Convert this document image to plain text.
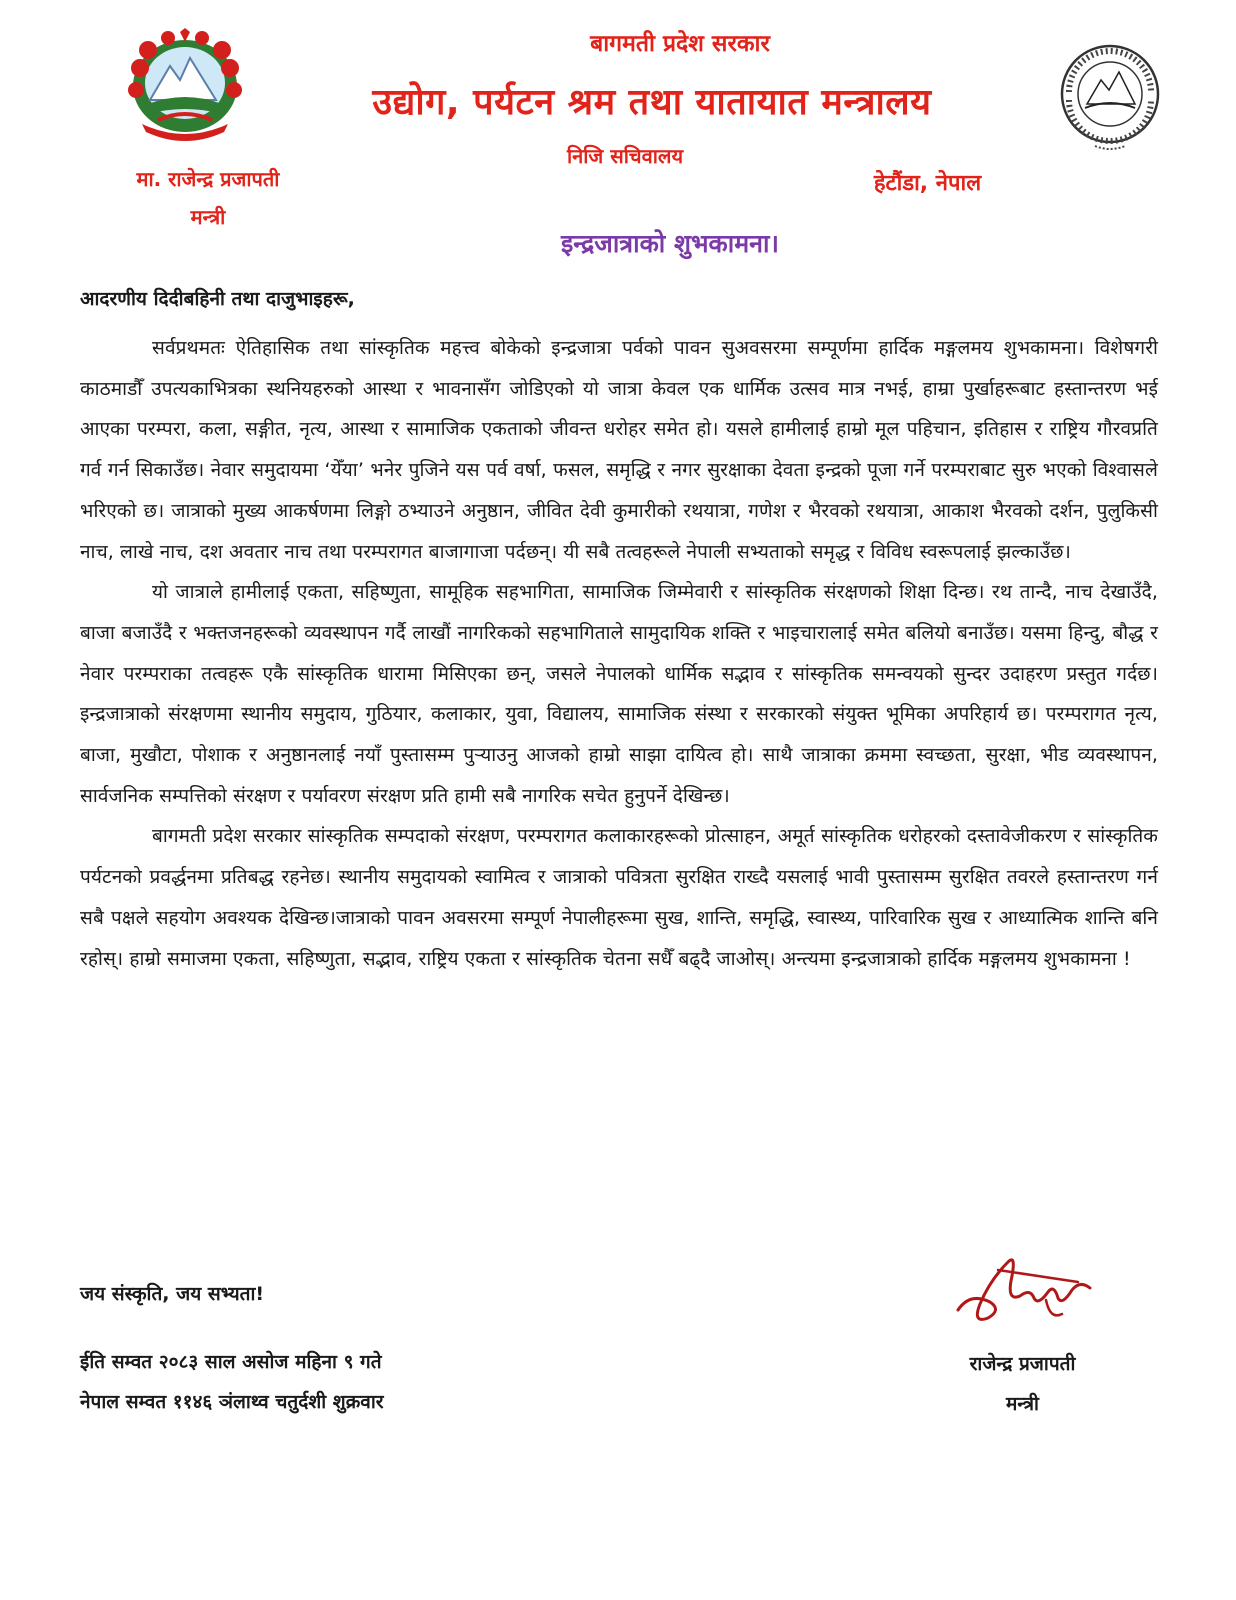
बागमती प्रदेश सरकार
उद्योग, पर्यटन श्रम तथा यातायात मन्त्रालय
निजि सचिवालय
मा. राजेन्द्र प्रजापती
मन्त्री
हेटौंडा, नेपाल
इन्द्रजात्राको शुभकामना।
आदरणीय दिदीबहिनी तथा दाजुभाइहरू,

सर्वप्रथमतः ऐतिहासिक तथा सांस्कृतिक महत्त्व बोकेको इन्द्रजात्रा पर्वको पावन सुअवसरमा सम्पूर्णमा हार्दिक मङ्गलमय शुभकामना। विशेषगरी काठमाडौँ उपत्यकाभित्रका स्थनियहरुको आस्था र भावनासँग जोडिएको यो जात्रा केवल एक धार्मिक उत्सव मात्र नभई, हाम्रा पुर्खाहरूबाट हस्तान्तरण भई आएका परम्परा, कला, सङ्गीत, नृत्य, आस्था र सामाजिक एकताको जीवन्त धरोहर समेत हो। यसले हामीलाई हाम्रो मूल पहिचान, इतिहास र राष्ट्रिय गौरवप्रति गर्व गर्न सिकाउँछ। नेवार समुदायमा ‘येँया’ भनेर पुजिने यस पर्व वर्षा, फसल, समृद्धि र नगर सुरक्षाका देवता इन्द्रको पूजा गर्ने परम्पराबाट सुरु भएको विश्वासले भरिएको छ। जात्राको मुख्य आकर्षणमा लिङ्गो ठभ्याउने अनुष्ठान, जीवित देवी कुमारीको रथयात्रा, गणेश र भैरवको रथयात्रा, आकाश भैरवको दर्शन, पुलुकिसी नाच, लाखे नाच, दश अवतार नाच तथा परम्परागत बाजागाजा पर्दछन्। यी सबै तत्वहरूले नेपाली सभ्यताको समृद्ध र विविध स्वरूपलाई झल्काउँछ।

यो जात्राले हामीलाई एकता, सहिष्णुता, सामूहिक सहभागिता, सामाजिक जिम्मेवारी र सांस्कृतिक संरक्षणको शिक्षा दिन्छ। रथ तान्दै, नाच देखाउँदै, बाजा बजाउँदै र भक्तजनहरूको व्यवस्थापन गर्दै लाखौं नागरिकको सहभागिताले सामुदायिक शक्ति र भाइचारालाई समेत बलियो बनाउँछ। यसमा हिन्दु, बौद्ध र नेवार परम्पराका तत्वहरू एकै सांस्कृतिक धारामा मिसिएका छन्, जसले नेपालको धार्मिक सद्भाव र सांस्कृतिक समन्वयको सुन्दर उदाहरण प्रस्तुत गर्दछ। इन्द्रजात्राको संरक्षणमा स्थानीय समुदाय, गुठियार, कलाकार, युवा, विद्यालय, सामाजिक संस्था र सरकारको संयुक्त भूमिका अपरिहार्य छ। परम्परागत नृत्य, बाजा, मुखौटा, पोशाक र अनुष्ठानलाई नयाँ पुस्तासम्म पुर्‍याउनु आजको हाम्रो साझा दायित्व हो। साथै जात्राका क्रममा स्वच्छता, सुरक्षा, भीड व्यवस्थापन, सार्वजनिक सम्पत्तिको संरक्षण र पर्यावरण संरक्षण प्रति हामी सबै नागरिक सचेत हुनुपर्ने देखिन्छ।

बागमती प्रदेश सरकार सांस्कृतिक सम्पदाको संरक्षण, परम्परागत कलाकारहरूको प्रोत्साहन, अमूर्त सांस्कृतिक धरोहरको दस्तावेजीकरण र सांस्कृतिक पर्यटनको प्रवर्द्धनमा प्रतिबद्ध रहनेछ। स्थानीय समुदायको स्वामित्व र जात्राको पवित्रता सुरक्षित राख्दै यसलाई भावी पुस्तासम्म सुरक्षित तवरले हस्तान्तरण गर्न सबै पक्षले सहयोग अवश्यक देखिन्छ।जात्राको पावन अवसरमा सम्पूर्ण नेपालीहरूमा सुख, शान्ति, समृद्धि, स्वास्थ्य, पारिवारिक सुख र आध्यात्मिक शान्ति बनि रहोस्। हाम्रो समाजमा एकता, सहिष्णुता, सद्भाव, राष्ट्रिय एकता र सांस्कृतिक चेतना सधैँ बढ्दै जाओस्। अन्त्यमा इन्द्रजात्राको हार्दिक मङ्गलमय शुभकामना !

जय संस्कृति, जय सभ्यता!
ईति सम्वत २०८३ साल असोज महिना ९ गते
नेपाल सम्वत ११४६ ञंलाथ्व चतुर्दशी शुक्रवार
राजेन्द्र प्रजापती
मन्त्री
